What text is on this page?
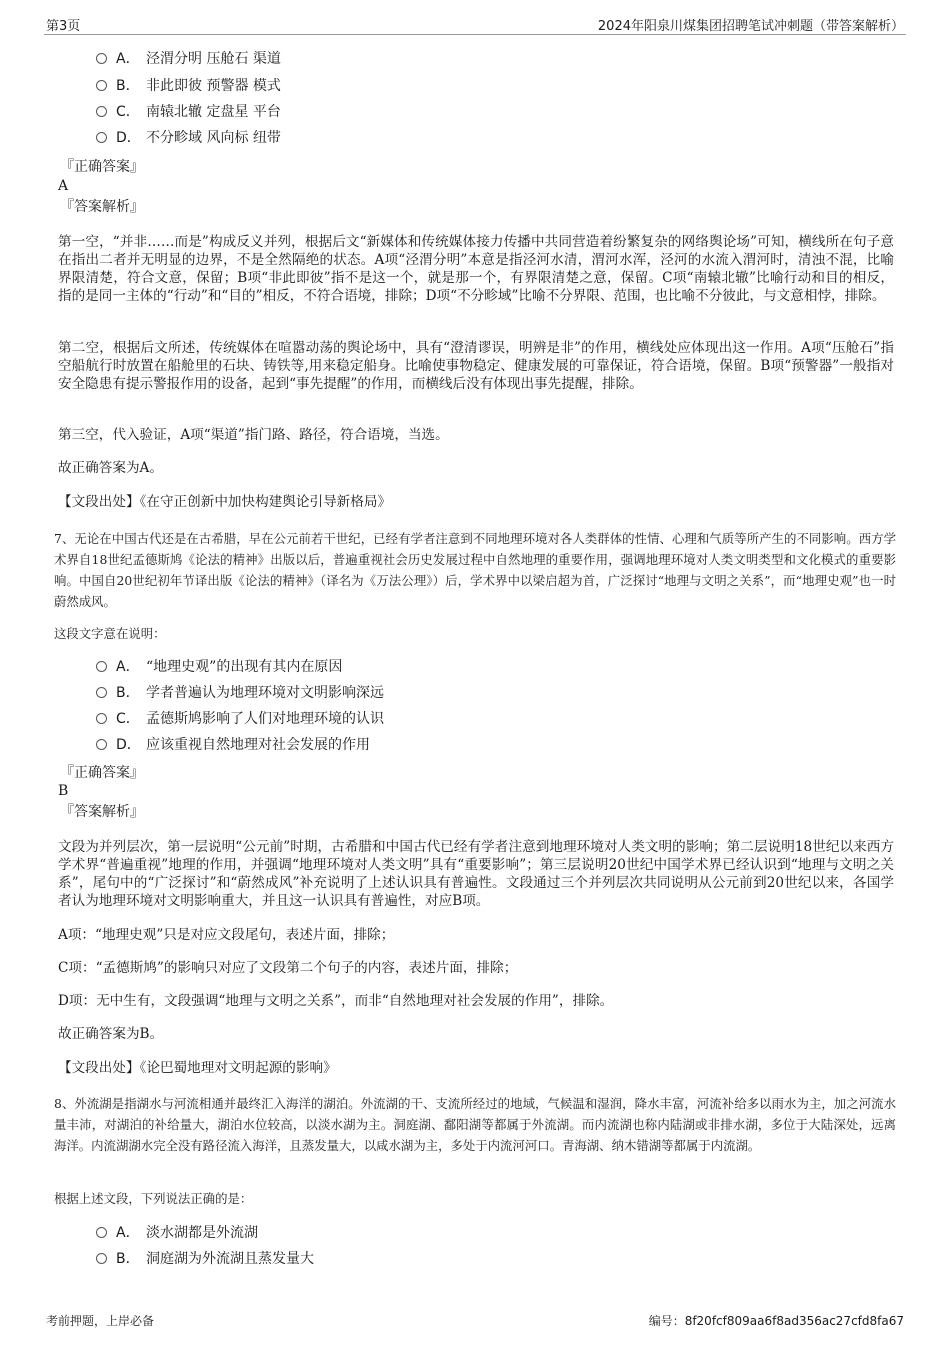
第3页	2024年阳泉川煤集团招聘笔试冲刺题（带答案解析）
A． 泾渭分明 压舱石 渠道
B． 非此即彼 预警器 模式
C． 南辕北辙 定盘星 平台
D． 不分畛域 风向标 纽带
『正确答案』
A
『答案解析』

第一空，“并非……而是”构成反义并列，根据后文“新媒体和传统媒体接力传播中共同营造着纷繁复杂的网络舆论场”可知，横线所在句子意在指出二者并无明显的边界，不是全然隔绝的状态。A项“泾渭分明”本意是指泾河水清，渭河水浑，泾河的水流入渭河时，清浊不混，比喻界限清楚，符合文意，保留；B项“非此即彼”指不是这一个，就是那一个，有界限清楚之意，保留。C项“南辕北辙”比喻行动和目的相反，指的是同一主体的“行动”和“目的”相反，不符合语境，排除；D项“不分畛域”比喻不分界限、范围，也比喻不分彼此，与文意相悖，排除。

第二空，根据后文所述，传统媒体在喧嚣动荡的舆论场中，具有“澄清谬误，明辨是非”的作用，横线处应体现出这一作用。A项“压舱石”指空船航行时放置在船舱里的石块、铸铁等,用来稳定船身。比喻使事物稳定、健康发展的可靠保证，符合语境，保留。B项“预警器”一般指对安全隐患有提示警报作用的设备，起到“事先提醒”的作用，而横线后没有体现出事先提醒，排除。

第三空，代入验证，A项“渠道”指门路、路径，符合语境，当选。

故正确答案为A。

【文段出处】《在守正创新中加快构建舆论引导新格局》

7、无论在中国古代还是在古希腊，早在公元前若干世纪，已经有学者注意到不同地理环境对各人类群体的性情、心理和气质等所产生的不同影响。西方学术界自18世纪孟德斯鸠《论法的精神》出版以后，普遍重视社会历史发展过程中自然地理的重要作用，强调地理环境对人类文明类型和文化模式的重要影响。中国自20世纪初年节译出版《论法的精神》（译名为《万法公理》）后，学术界中以梁启超为首，广泛探讨“地理与文明之关系”，而“地理史观”也一时蔚然成风。

这段文字意在说明：
A． “地理史观”的出现有其内在原因
B． 学者普遍认为地理环境对文明影响深远
C． 孟德斯鸠影响了人们对地理环境的认识
D． 应该重视自然地理对社会发展的作用
『正确答案』
B
『答案解析』

文段为并列层次，第一层说明“公元前”时期，古希腊和中国古代已经有学者注意到地理环境对人类文明的影响；第二层说明18世纪以来西方学术界“普遍重视”地理的作用，并强调“地理环境对人类文明”具有“重要影响”；第三层说明20世纪中国学术界已经认识到“地理与文明之关系”，尾句中的“广泛探讨”和“蔚然成风”补充说明了上述认识具有普遍性。文段通过三个并列层次共同说明从公元前到20世纪以来，各国学者认为地理环境对文明影响重大，并且这一认识具有普遍性，对应B项。

A项：“地理史观”只是对应文段尾句，表述片面，排除；

C项：“孟德斯鸠”的影响只对应了文段第二个句子的内容，表述片面，排除；

D项：无中生有，文段强调“地理与文明之关系”，而非“自然地理对社会发展的作用”，排除。

故正确答案为B。

【文段出处】《论巴蜀地理对文明起源的影响》

8、外流湖是指湖水与河流相通并最终汇入海洋的湖泊。外流湖的干、支流所经过的地域，气候温和湿润，降水丰富，河流补给多以雨水为主，加之河流水量丰沛，对湖泊的补给量大，湖泊水位较高，以淡水湖为主。洞庭湖、鄱阳湖等都属于外流湖。而内流湖也称内陆湖或非排水湖，多位于大陆深处，远离海洋。内流湖湖水完全没有路径流入海洋，且蒸发量大，以咸水湖为主，多处于内流河河口。青海湖、纳木错湖等都属于内流湖。

根据上述文段，下列说法正确的是：
A． 淡水湖都是外流湖
B． 洞庭湖为外流湖且蒸发量大
考前押题，上岸必备	编号：8f20fcf809aa6f8ad356ac27cfd8fa67
